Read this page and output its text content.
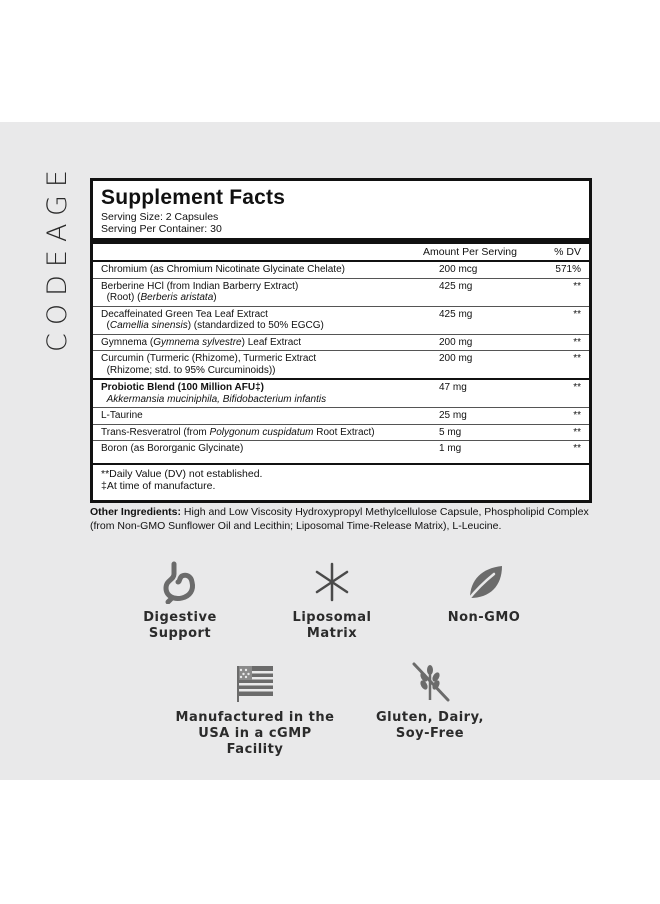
CODEAGE Supplement Facts
Serving Size: 2 Capsules
Serving Per Container: 30
Amount Per Serving	% DV
Chromium (as Chromium Nicotinate Glycinate Chelate)	200 mcg	571%
Berberine HCl (from Indian Barberry Extract)
(Root) (Berberis aristata)
425 mg	**
Decaffeinated Green Tea Leaf Extract
(Camellia sinensis) (standardized to 50% EGCG)
425 mg	**
Gymnema (Gymnema sylvestre) Leaf Extract	200 mg	**
Curcumin (Turmeric (Rhizome), Turmeric Extract
(Rhizome; std. to 95% Curcuminoids))
200 mg	**
Probiotic Blend (100 Million AFU‡)
Akkermansia muciniphila, Bifidobacterium infantis
47 mg	**
L-Taurine	25 mg	**
Trans-Resveratrol (from Polygonum cuspidatum Root Extract)	5 mg	**
Boron (as Bororganic Glycinate)	1 mg	**
**Daily Value (DV) not established.
‡At time of manufacture.
Other Ingredients: High and Low Viscosity Hydroxypropyl Methylcellulose Capsule, Phospholipid Complex (from Non-GMO Sunflower Oil and Lecithin; Liposomal Time-Release Matrix), L-Leucine.
Digestive
Support
Liposomal
Matrix
Non-GMO
Manufactured in the
USA in a cGMP Facility
Gluten, Dairy,
Soy-Free
